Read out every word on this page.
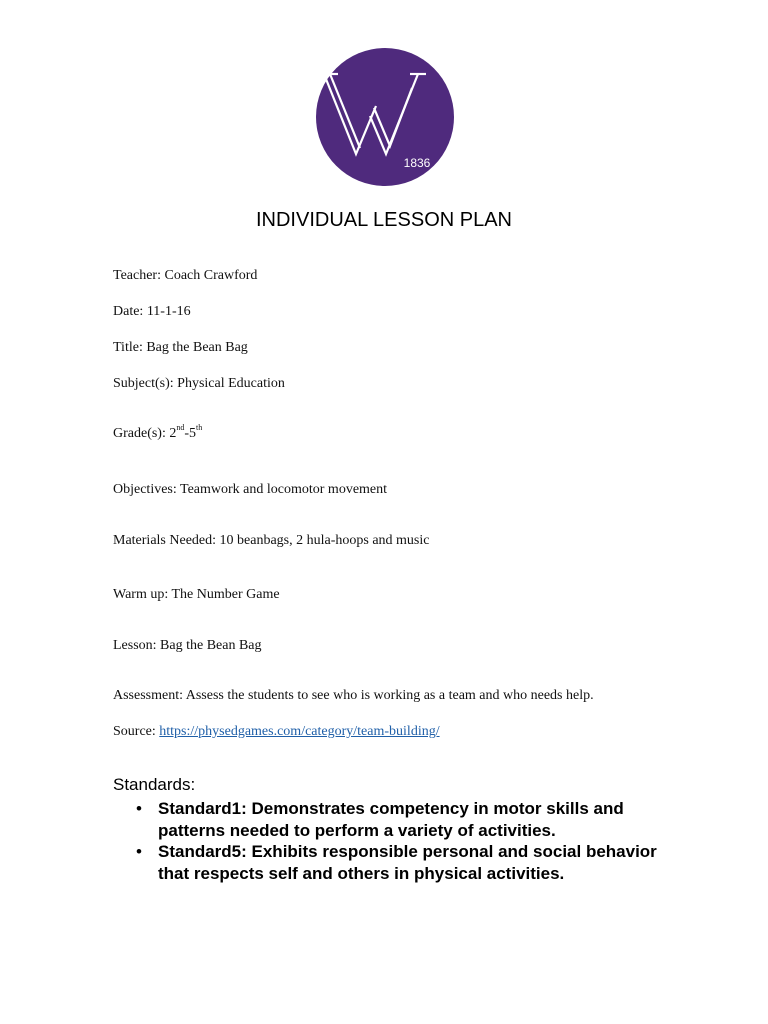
1836
INDIVIDUAL LESSON PLAN
Teacher: Coach Crawford
Date: 11-1-16
Title: Bag the Bean Bag
Subject(s): Physical Education
Grade(s): 2nd-5th
Objectives: Teamwork and locomotor movement
Materials Needed: 10 beanbags, 2 hula-hoops and music
Warm up: The Number Game
Lesson: Bag the Bean Bag
Assessment: Assess the students to see who is working as a team and who needs help.
Source: https://physedgames.com/category/team-building/
Standards:
• Standard1: Demonstrates competency in motor skills and patterns needed to perform a variety of activities.
• Standard5: Exhibits responsible personal and social behavior that respects self and others in physical activities.
